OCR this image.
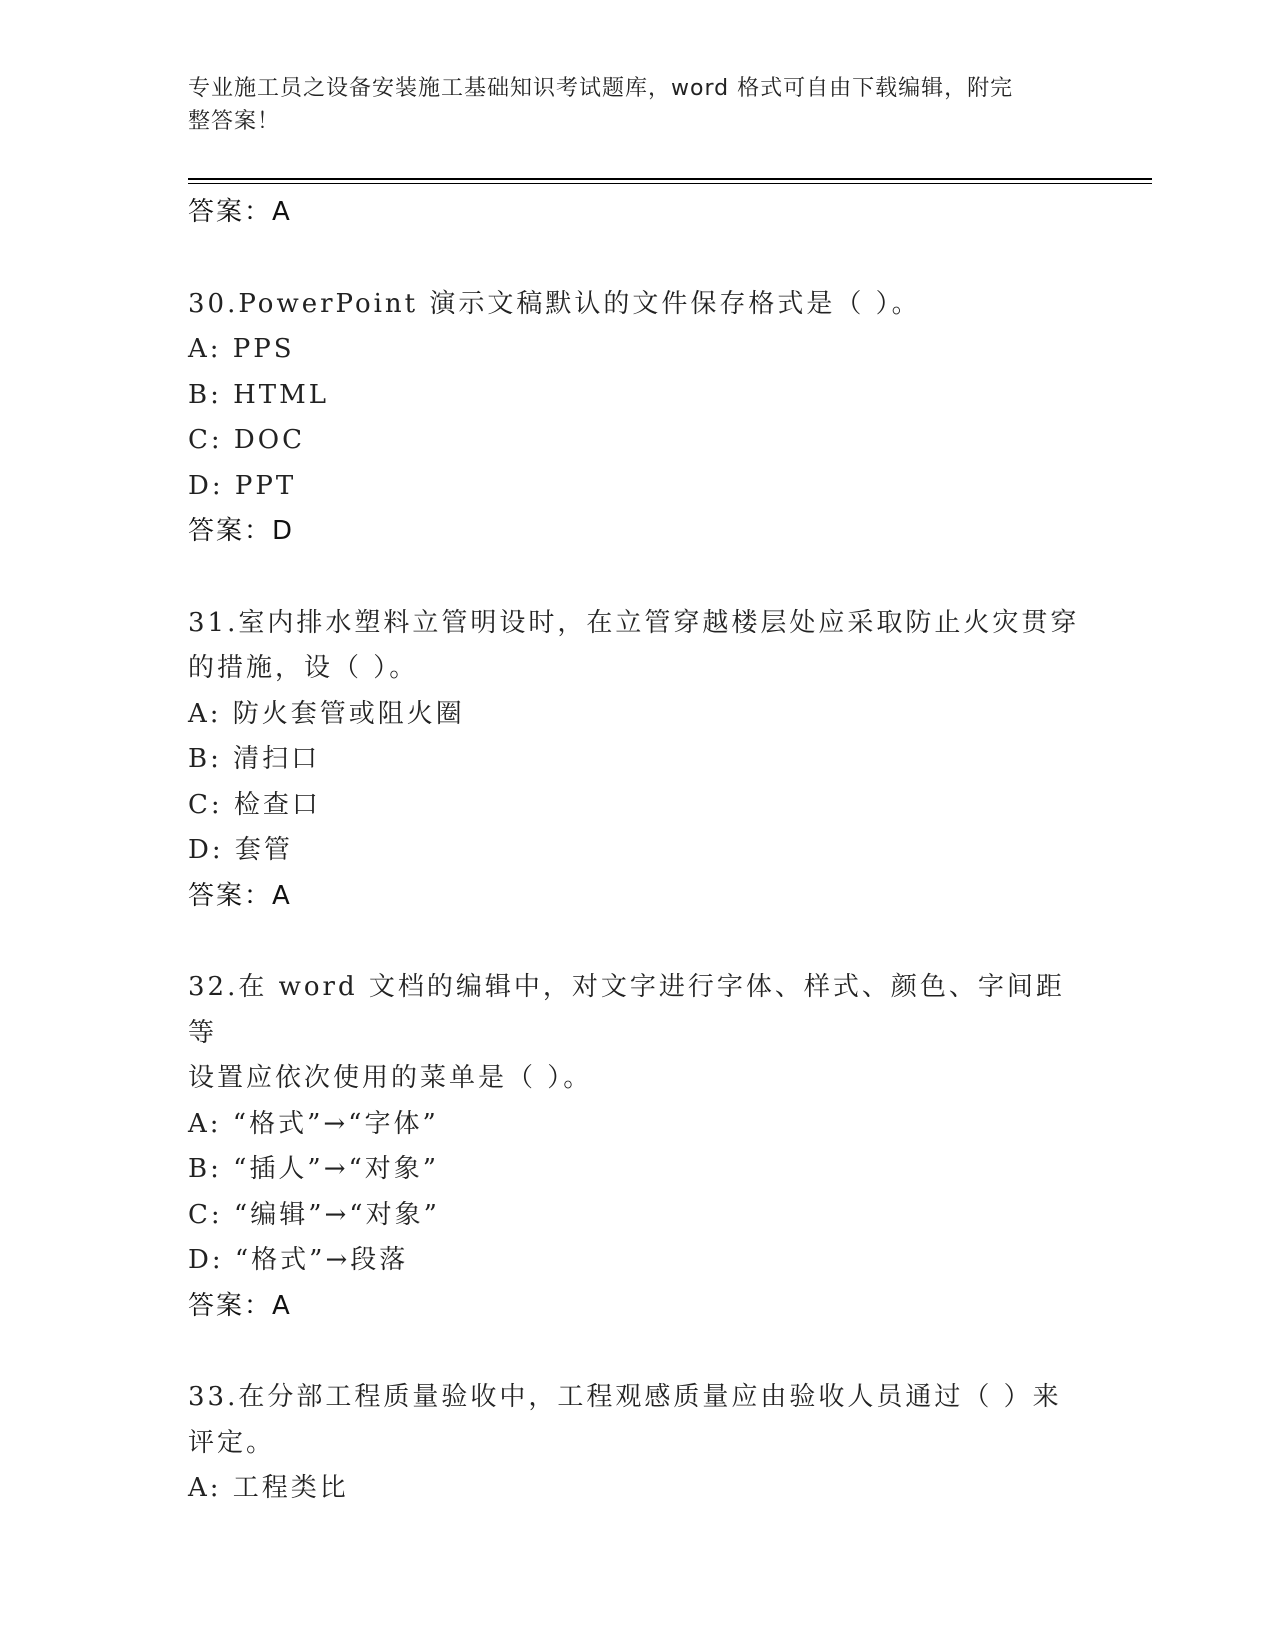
专业施工员之设备安装施工基础知识考试题库，word 格式可自由下载编辑，附完
整答案！
答案：A
30.PowerPoint 演示文稿默认的文件保存格式是（ ）。
A: PPS
B: HTML
C: DOC
D: PPT
答案：D
31.室内排水塑料立管明设时，在立管穿越楼层处应采取防止火灾贯穿
的措施，设（ ）。
A: 防火套管或阻火圈
B: 清扫口
C: 检查口
D: 套管
答案：A
32.在 word 文档的编辑中，对文字进行字体、样式、颜色、字间距等
设置应依次使用的菜单是（ ）。
A: “格式”→“字体”
B: “插人”→“对象”
C: “编辑”→“对象”
D: “格式”→段落
答案：A
33.在分部工程质量验收中，工程观感质量应由验收人员通过（ ）来
评定。
A: 工程类比
